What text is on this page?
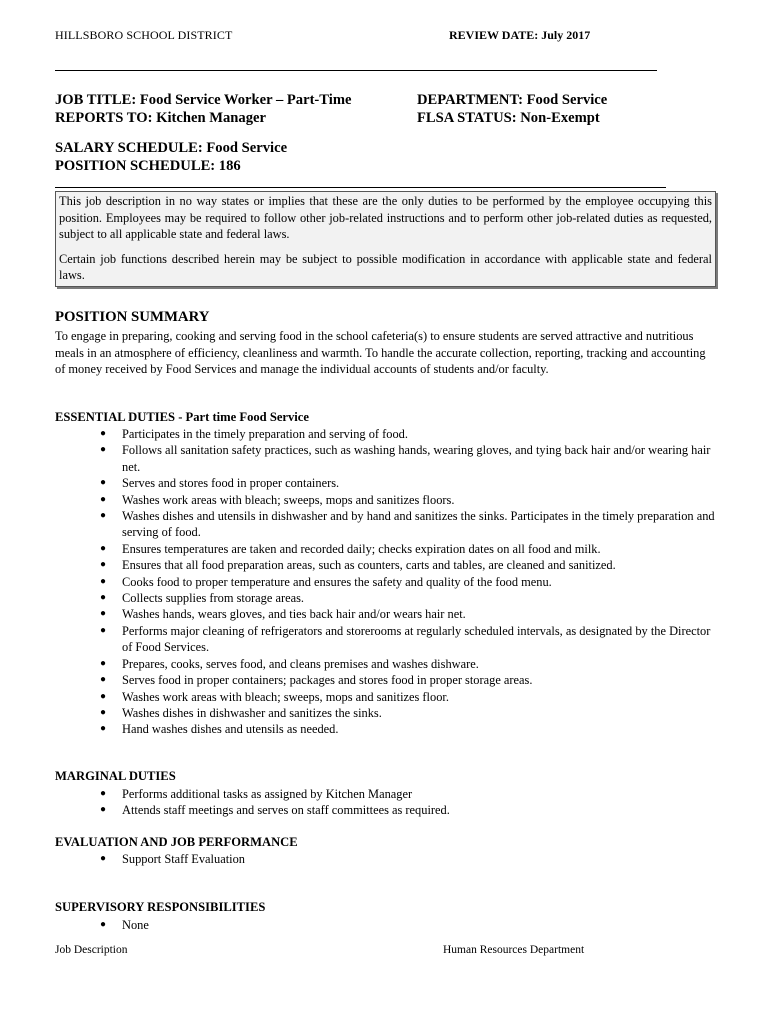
HILLSBORO SCHOOL DISTRICT	REVIEW DATE: July 2017
JOB TITLE: Food Service Worker – Part-Time
REPORTS TO: Kitchen Manager
DEPARTMENT: Food Service
FLSA STATUS: Non-Exempt
SALARY SCHEDULE: Food Service
POSITION SCHEDULE: 186

This job description in no way states or implies that these are the only duties to be performed by the employee occupying this position. Employees may be required to follow other job-related instructions and to perform other job-related duties as requested, subject to all applicable state and federal laws.

Certain job functions described herein may be subject to possible modification in accordance with applicable state and federal laws.

POSITION SUMMARY

To engage in preparing, cooking and serving food in the school cafeteria(s) to ensure students are served attractive and nutritious meals in an atmosphere of efficiency, cleanliness and warmth. To handle the accurate collection, reporting, tracking and accounting of money received by Food Services and manage the individual accounts of students and/or faculty.

ESSENTIAL DUTIES - Part time Food Service
● Participates in the timely preparation and serving of food.
● Follows all sanitation safety practices, such as washing hands, wearing gloves, and tying back hair and/or wearing hair net.
● Serves and stores food in proper containers.
● Washes work areas with bleach; sweeps, mops and sanitizes floors.
● Washes dishes and utensils in dishwasher and by hand and sanitizes the sinks. Participates in the timely preparation and serving of food.
● Ensures temperatures are taken and recorded daily; checks expiration dates on all food and milk.
● Ensures that all food preparation areas, such as counters, carts and tables, are cleaned and sanitized.
● Cooks food to proper temperature and ensures the safety and quality of the food menu.
● Collects supplies from storage areas.
● Washes hands, wears gloves, and ties back hair and/or wears hair net.
● Performs major cleaning of refrigerators and storerooms at regularly scheduled intervals, as designated by the Director of Food Services.
● Prepares, cooks, serves food, and cleans premises and washes dishware.
● Serves food in proper containers; packages and stores food in proper storage areas.
● Washes work areas with bleach; sweeps, mops and sanitizes floor.
● Washes dishes in dishwasher and sanitizes the sinks.
● Hand washes dishes and utensils as needed.
MARGINAL DUTIES
● Performs additional tasks as assigned by Kitchen Manager
● Attends staff meetings and serves on staff committees as required.
EVALUATION AND JOB PERFORMANCE
● Support Staff Evaluation
SUPERVISORY RESPONSIBILITIES
● None
Job Description	Human Resources Department
